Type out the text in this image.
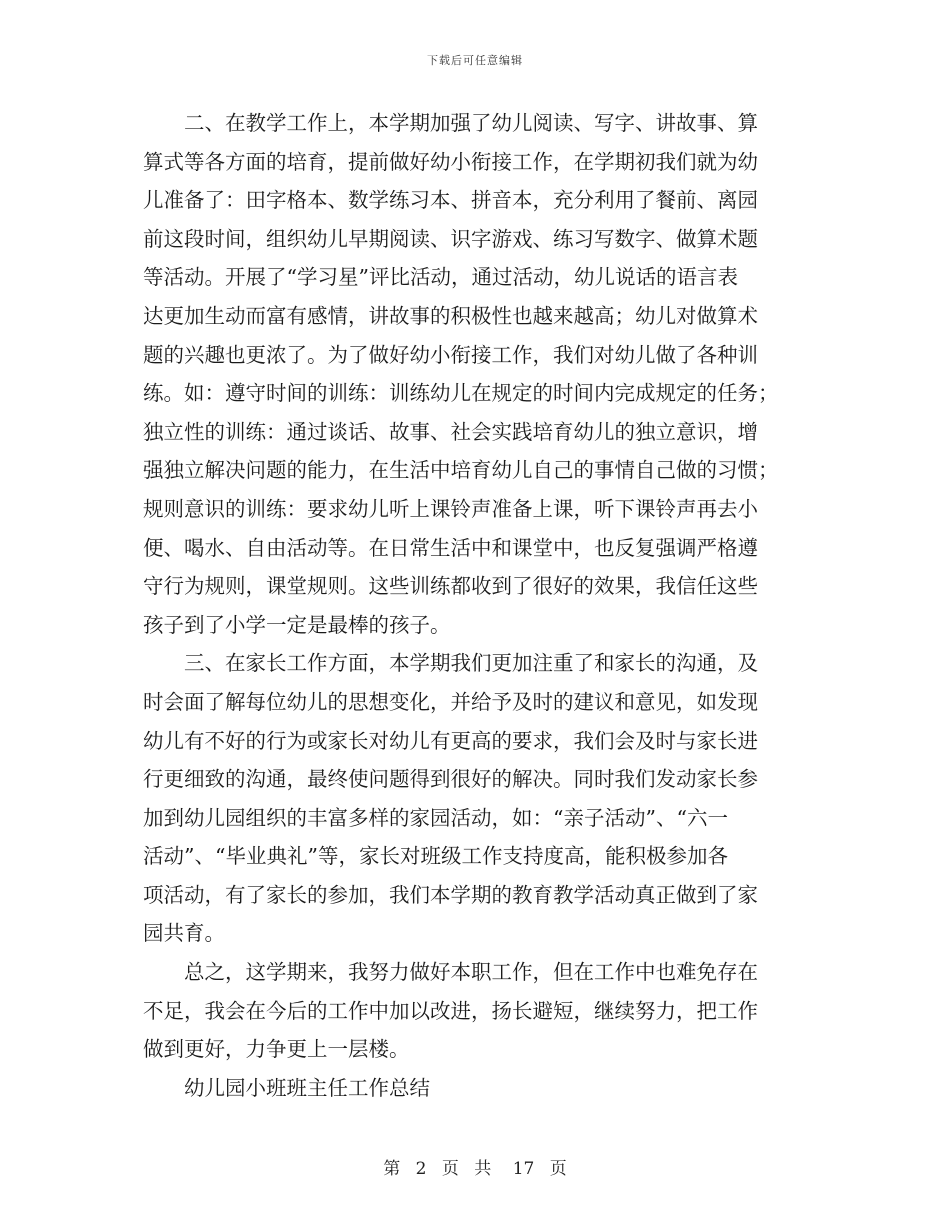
下载后可任意编辑

二、在教学工作上，本学期加强了幼儿阅读、写字、讲故事、算
算式等各方面的培育，提前做好幼小衔接工作，在学期初我们就为幼
儿准备了：田字格本、数学练习本、拼音本，充分利用了餐前、离园
前这段时间，组织幼儿早期阅读、识字游戏、练习写数字、做算术题
等活动。开展了“学习星”评比活动，通过活动，幼儿说话的语言表
达更加生动而富有感情，讲故事的积极性也越来越高；幼儿对做算术
题的兴趣也更浓了。为了做好幼小衔接工作，我们对幼儿做了各种训
练。如：遵守时间的训练：训练幼儿在规定的时间内完成规定的任务；
独立性的训练：通过谈话、故事、社会实践培育幼儿的独立意识，增
强独立解决问题的能力，在生活中培育幼儿自己的事情自己做的习惯；
规则意识的训练：要求幼儿听上课铃声准备上课，听下课铃声再去小
便、喝水、自由活动等。在日常生活中和课堂中，也反复强调严格遵
守行为规则，课堂规则。这些训练都收到了很好的效果，我信任这些
孩子到了小学一定是最棒的孩子。

三、在家长工作方面，本学期我们更加注重了和家长的沟通，及
时会面了解每位幼儿的思想变化，并给予及时的建议和意见，如发现
幼儿有不好的行为或家长对幼儿有更高的要求，我们会及时与家长进
行更细致的沟通，最终使问题得到很好的解决。同时我们发动家长参
加到幼儿园组织的丰富多样的家园活动，如：“亲子活动”、“六一
活动”、“毕业典礼”等，家长对班级工作支持度高，能积极参加各
项活动，有了家长的参加，我们本学期的教育教学活动真正做到了家
园共育。

总之，这学期来，我努力做好本职工作，但在工作中也难免存在
不足，我会在今后的工作中加以改进，扬长避短，继续努力，把工作
做到更好，力争更上一层楼。

幼儿园小班班主任工作总结

第 2 页 共 17 页
